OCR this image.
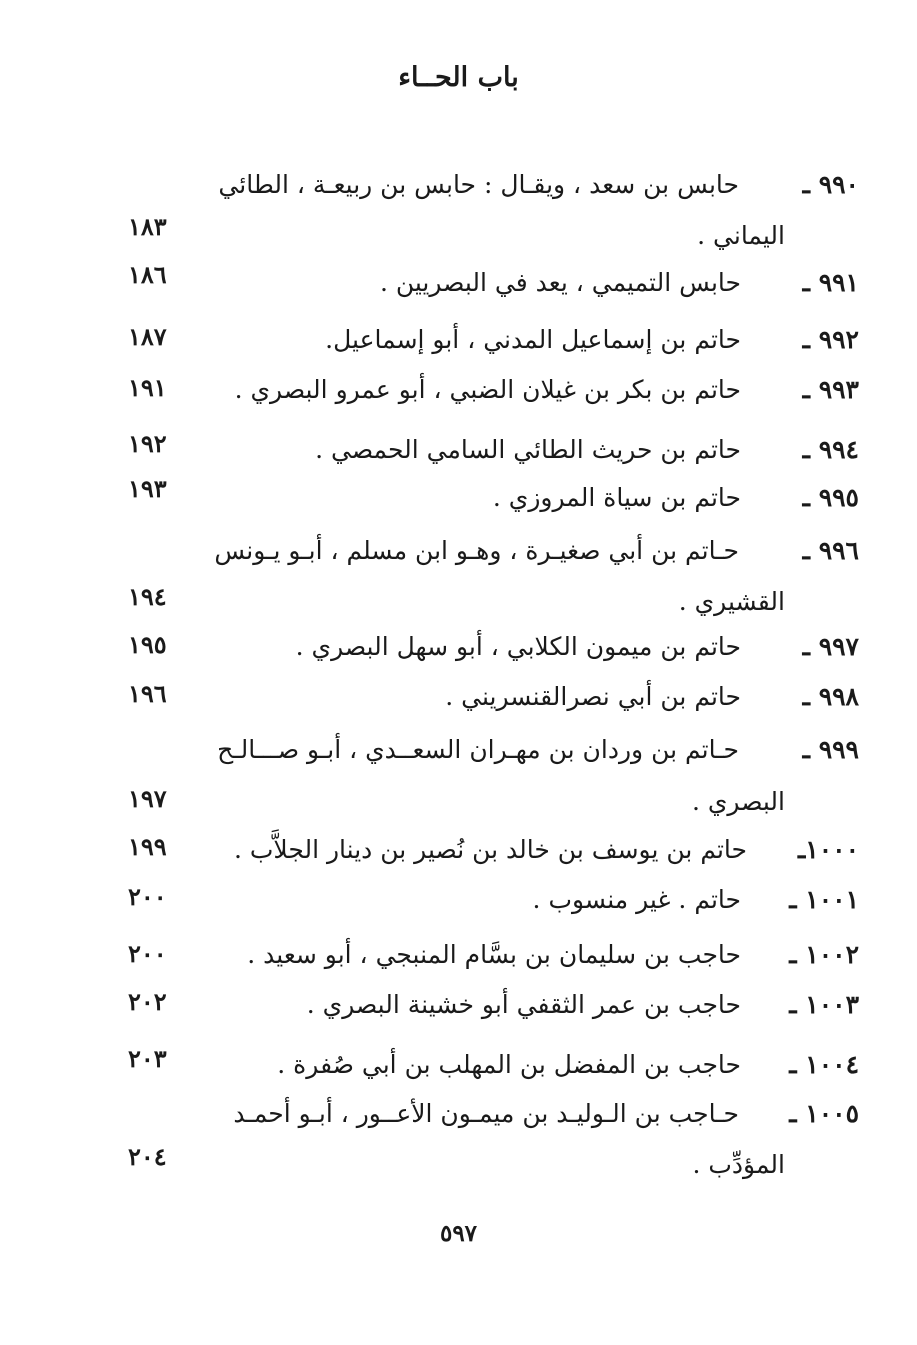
باب الحــاء
٩٩٠ ـ
حابس بن سعد ، ويقـال : حابس بن ربيعـة ، الطائي
اليماني .
١٨٣
٩٩١ ـ
حابس التميمي ، يعد في البصريين .
١٨٦
٩٩٢ ـ
حاتم بن إسماعيل المدني ، أبو إسماعيل.
١٨٧
٩٩٣ ـ
حاتم بن بكر بن غيلان الضبي ، أبو عمرو البصري .
١٩١
٩٩٤ ـ
حاتم بن حريث الطائي السامي الحمصي .
١٩٢
٩٩٥ ـ
حاتم بن سياة المروزي .
١٩٣
٩٩٦ ـ
حـاتم بن أبي صغيـرة ، وهـو ابن مسلم ، أبـو يـونس
القشيري .
١٩٤
٩٩٧ ـ
حاتم بن ميمون الكلابي ، أبو سهل البصري .
١٩٥
٩٩٨ ـ
حاتم بن أبي نصرالقنسريني .
١٩٦
٩٩٩ ـ
حـاتم بن وردان بن مهـران السعــدي ، أبـو صـــالـح
البصري .
١٩٧
١٠٠٠ـ
حاتم بن يوسف بن خالد بن نُصير بن دينار الجلاَّب .
١٩٩
١٠٠١ ـ
حاتم . غير منسوب .
٢٠٠
١٠٠٢ ـ
حاجب بن سليمان بن بسَّام المنبجي ، أبو سعيد .
٢٠٠
١٠٠٣ ـ
حاجب بن عمر الثقفي أبو خشينة البصري .
٢٠٢
١٠٠٤ ـ
حاجب بن المفضل بن المهلب بن أبي صُفرة .
٢٠٣
١٠٠٥ ـ
حـاجب بن الـوليـد بن ميمـون الأعــور ، أبـو أحمـد
المؤدِّب .
٢٠٤
٥٩٧
